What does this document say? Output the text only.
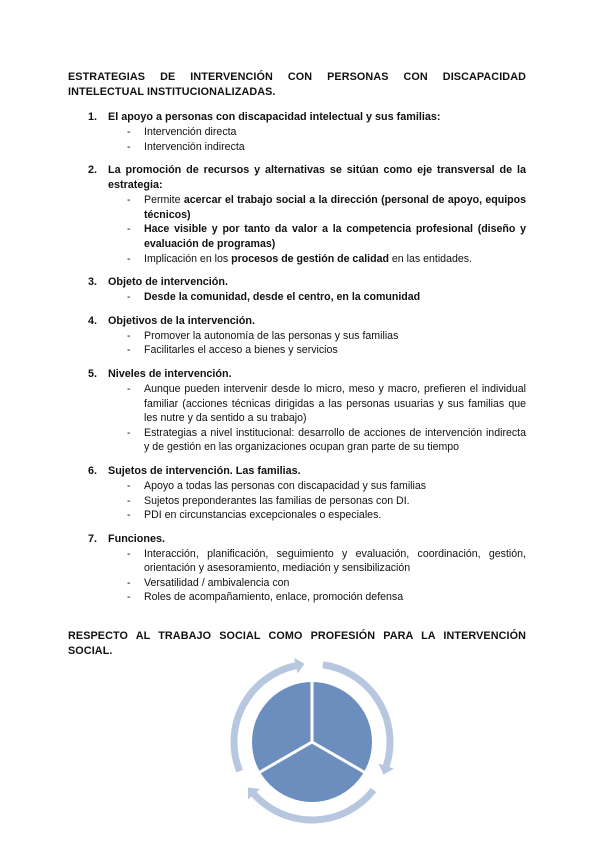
ESTRATEGIAS DE INTERVENCIÓN CON PERSONAS CON DISCAPACIDAD INTELECTUAL INSTITUCIONALIZADAS.
1. El apoyo a personas con discapacidad intelectual y sus familias:
- Intervención directa
- Intervención indirecta
2. La promoción de recursos y alternativas se sitúan como eje transversal de la estrategia:
- Permite acercar el trabajo social a la dirección (personal de apoyo, equipos técnicos)
- Hace visible y por tanto da valor a la competencia profesional (diseño y evaluación de programas)
- Implicación en los procesos de gestión de calidad en las entidades.
3. Objeto de intervención.
- Desde la comunidad, desde el centro, en la comunidad
4. Objetivos de la intervención.
- Promover la autonomía de las personas y sus familias
- Facilitarles el acceso a bienes y servicios
5. Niveles de intervención.
- Aunque pueden intervenir desde lo micro, meso y macro, prefieren el individual familiar (acciones técnicas dirigidas a las personas usuarias y sus familias que les nutre y da sentido a su trabajo)
- Estrategias a nivel institucional: desarrollo de acciones de intervención indirecta y de gestión en las organizaciones ocupan gran parte de su tiempo
6. Sujetos de intervención. Las familias.
- Apoyo a todas las personas con discapacidad y sus familias
- Sujetos preponderantes las familias de personas con DI.
- PDI en circunstancias excepcionales o especiales.
7. Funciones.
- Interacción, planificación, seguimiento y evaluación, coordinación, gestión, orientación y asesoramiento, mediación y sensibilización
- Versatilidad / ambivalencia con
- Roles de acompañamiento, enlace, promoción defensa
RESPECTO AL TRABAJO SOCIAL COMO PROFESIÓN PARA LA INTERVENCIÓN SOCIAL.
